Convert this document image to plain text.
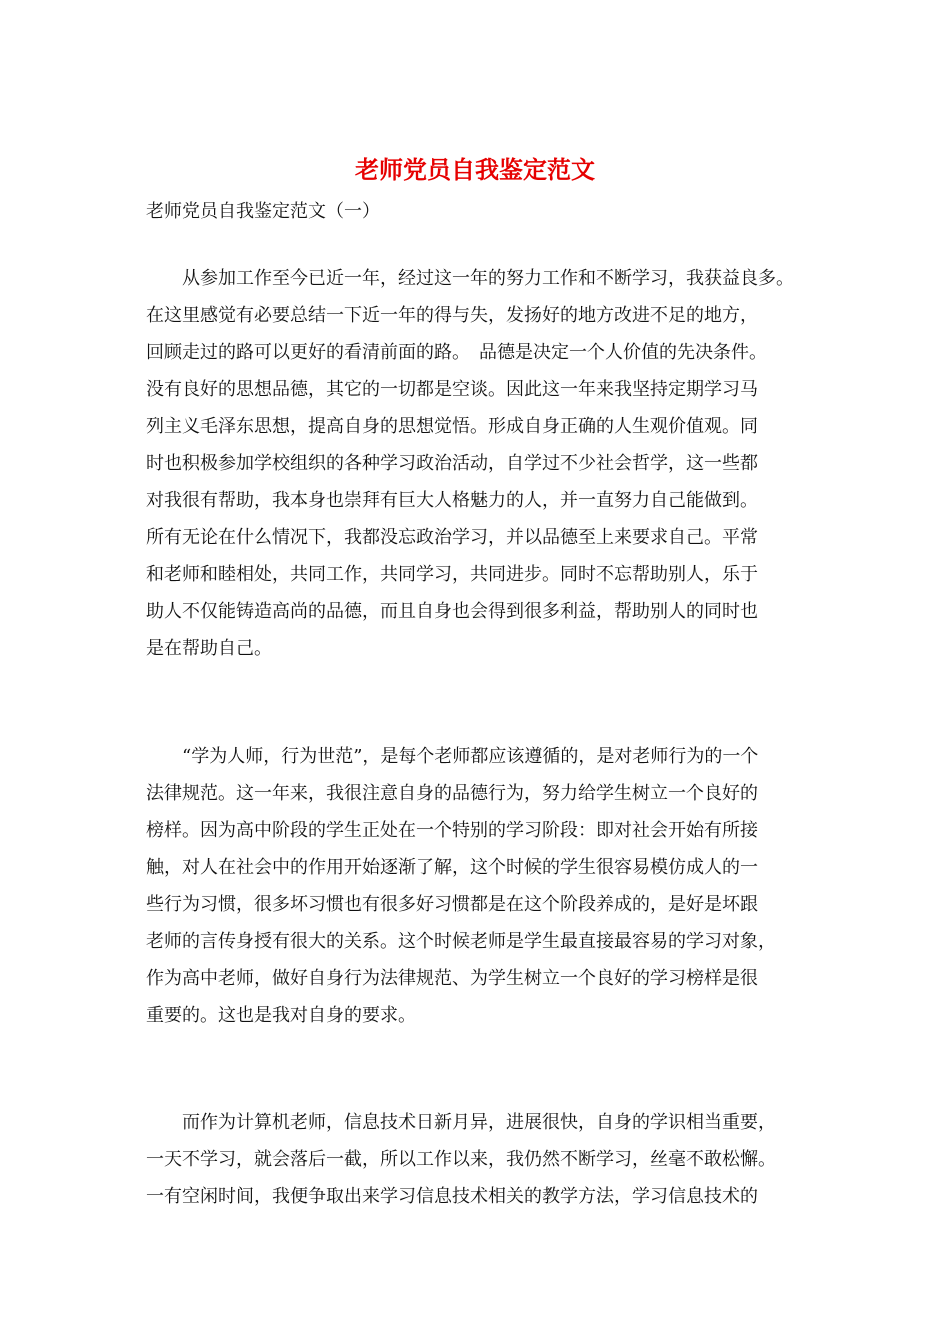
老师党员自我鉴定范文
老师党员自我鉴定范文（一）
　　从参加工作至今已近一年，经过这一年的努力工作和不断学习，我获益良多。
在这里感觉有必要总结一下近一年的得与失，发扬好的地方改进不足的地方，
回顾走过的路可以更好的看清前面的路。　品德是决定一个人价值的先决条件。
没有良好的思想品德，其它的一切都是空谈。因此这一年来我坚持定期学习马
列主义毛泽东思想，提高自身的思想觉悟。形成自身正确的人生观价值观。同
时也积极参加学校组织的各种学习政治活动，自学过不少社会哲学，这一些都
对我很有帮助，我本身也崇拜有巨大人格魅力的人，并一直努力自己能做到。
所有无论在什么情况下，我都没忘政治学习，并以品德至上来要求自己。平常
和老师和睦相处，共同工作，共同学习，共同进步。同时不忘帮助别人，乐于
助人不仅能铸造高尚的品德，而且自身也会得到很多利益，帮助别人的同时也
是在帮助自己。
　　“学为人师，行为世范”，是每个老师都应该遵循的，是对老师行为的一个
法律规范。这一年来，我很注意自身的品德行为，努力给学生树立一个良好的
榜样。因为高中阶段的学生正处在一个特别的学习阶段：即对社会开始有所接
触，对人在社会中的作用开始逐渐了解，这个时候的学生很容易模仿成人的一
些行为习惯，很多坏习惯也有很多好习惯都是在这个阶段养成的，是好是坏跟
老师的言传身授有很大的关系。这个时候老师是学生最直接最容易的学习对象，
作为高中老师，做好自身行为法律规范、为学生树立一个良好的学习榜样是很
重要的。这也是我对自身的要求。
　　而作为计算机老师，信息技术日新月异，进展很快，自身的学识相当重要，
一天不学习，就会落后一截，所以工作以来，我仍然不断学习，丝毫不敢松懈。
一有空闲时间，我便争取出来学习信息技术相关的教学方法，学习信息技术的
